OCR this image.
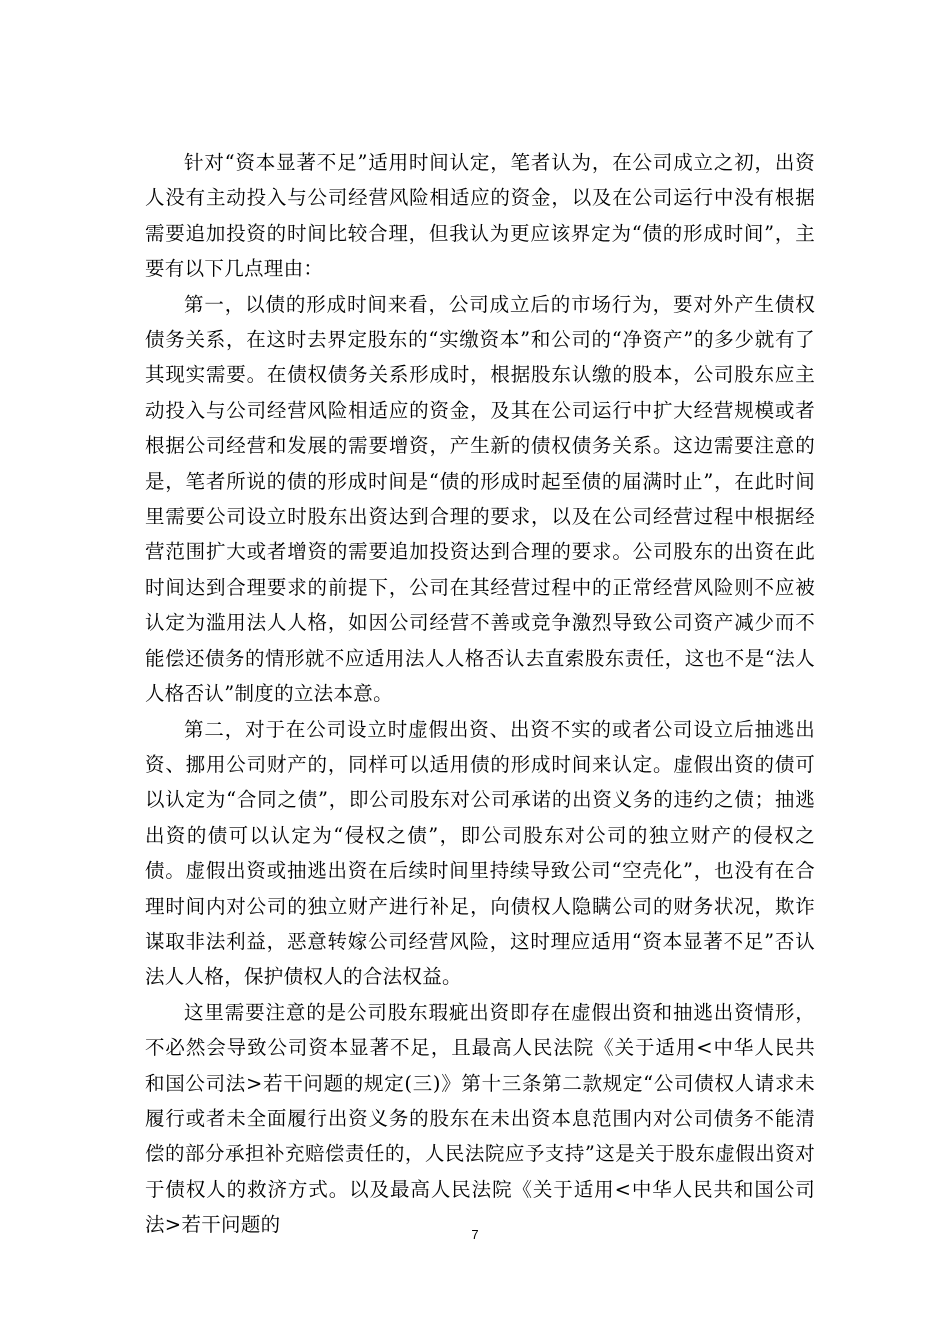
针对“资本显著不足”适用时间认定，笔者认为，在公司成立之初，出资人没有主动投入与公司经营风险相适应的资金，以及在公司运行中没有根据需要追加投资的时间比较合理，但我认为更应该界定为“债的形成时间”，主要有以下几点理由：

第一，以债的形成时间来看，公司成立后的市场行为，要对外产生债权债务关系，在这时去界定股东的“实缴资本”和公司的“净资产”的多少就有了其现实需要。在债权债务关系形成时，根据股东认缴的股本，公司股东应主动投入与公司经营风险相适应的资金，及其在公司运行中扩大经营规模或者根据公司经营和发展的需要增资，产生新的债权债务关系。这边需要注意的是，笔者所说的债的形成时间是“债的形成时起至债的届满时止”，在此时间里需要公司设立时股东出资达到合理的要求，以及在公司经营过程中根据经营范围扩大或者增资的需要追加投资达到合理的要求。公司股东的出资在此时间达到合理要求的前提下，公司在其经营过程中的正常经营风险则不应被认定为滥用法人人格，如因公司经营不善或竞争激烈导致公司资产减少而不能偿还债务的情形就不应适用法人人格否认去直索股东责任，这也不是“法人人格否认”制度的立法本意。

第二，对于在公司设立时虚假出资、出资不实的或者公司设立后抽逃出资、挪用公司财产的，同样可以适用债的形成时间来认定。虚假出资的债可以认定为“合同之债”，即公司股东对公司承诺的出资义务的违约之债；抽逃出资的债可以认定为“侵权之债”，即公司股东对公司的独立财产的侵权之债。虚假出资或抽逃出资在后续时间里持续导致公司“空壳化”，也没有在合理时间内对公司的独立财产进行补足，向债权人隐瞒公司的财务状况，欺诈谋取非法利益，恶意转嫁公司经营风险，这时理应适用“资本显著不足”否认法人人格，保护债权人的合法权益。

这里需要注意的是公司股东瑕疵出资即存在虚假出资和抽逃出资情形，不必然会导致公司资本显著不足，且最高人民法院《关于适用<中华人民共和国公司法>若干问题的规定(三)》第十三条第二款规定“公司债权人请求未履行或者未全面履行出资义务的股东在未出资本息范围内对公司债务不能清偿的部分承担补充赔偿责任的，人民法院应予支持”这是关于股东虚假出资对于债权人的救济方式。以及最高人民法院《关于适用<中华人民共和国公司法>若干问题的	7
